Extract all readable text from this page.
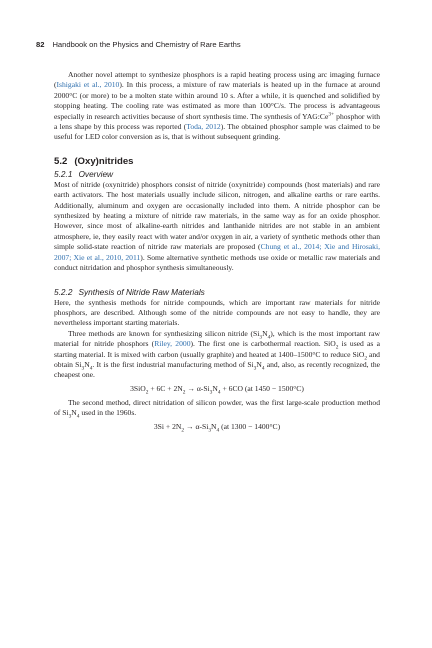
82 Handbook on the Physics and Chemistry of Rare Earths

Another novel attempt to synthesize phosphors is a rapid heating process using arc imaging furnace (Ishigaki et al., 2010). In this process, a mixture of raw materials is heated up in the furnace at around 2000°C (or more) to be a molten state within around 10 s. After a while, it is quenched and solidified by stopping heating. The cooling rate was estimated as more than 100°C/s. The process is advantageous especially in research activities because of short synthesis time. The synthesis of $YAG:Ce^{3+}$ phosphor with a lens shape by this process was reported (Toda, 2012). The obtained phosphor sample was claimed to be useful for LED color conversion as is, that is without subsequent grinding.

5.2 (Oxy)nitrides
5.2.1 Overview

Most of nitride (oxynitride) phosphors consist of nitride (oxynitride) compounds (host materials) and rare earth activators. The host materials usually include silicon, nitrogen, and alkaline earths or rare earths. Additionally, aluminum and oxygen are occasionally included into them. A nitride phosphor can be synthesized by heating a mixture of nitride raw materials, in the same way as for an oxide phosphor. However, since most of alkaline-earth nitrides and lanthanide nitrides are not stable in an ambient atmosphere, ie, they easily react with water and/or oxygen in air, a variety of synthetic methods other than simple solid-state reaction of nitride raw materials are proposed (Chung et al., 2014; Xie and Hirosaki, 2007; Xie et al., 2010, 2011). Some alternative synthetic methods use oxide or metallic raw materials and conduct nitridation and phosphor synthesis simultaneously.

5.2.2 Synthesis of Nitride Raw Materials

Here, the synthesis methods for nitride compounds, which are important raw materials for nitride phosphors, are described. Although some of the nitride compounds are not easy to handle, they are nevertheless important starting materials.

Three methods are known for synthesizing silicon nitride $(Si_3N_4)$, which is the most important raw material for nitride phosphors (Riley, 2000). The first one is carbothermal reaction. SiO$_2$ is used as a starting material. It is mixed with carbon (usually graphite) and heated at 1400–1500°C to reduce SiO$_2$ and obtain $Si_3N_4$. It is the first industrial manufacturing method of $Si_3N_4$ and, also, as recently recognized, the cheapest one.

$3SiO_2 + 6C + 2N_2 \to \alpha-Si_3N_4 + 6CO$ (at 1450 − 1500°C)

The second method, direct nitridation of silicon powder, was the first large-scale production method of $Si_3N_4$ used in the 1960s.

$3Si + 2N_2 \to \alpha-Si_3N_4$ (at 1300 − 1400°C)
